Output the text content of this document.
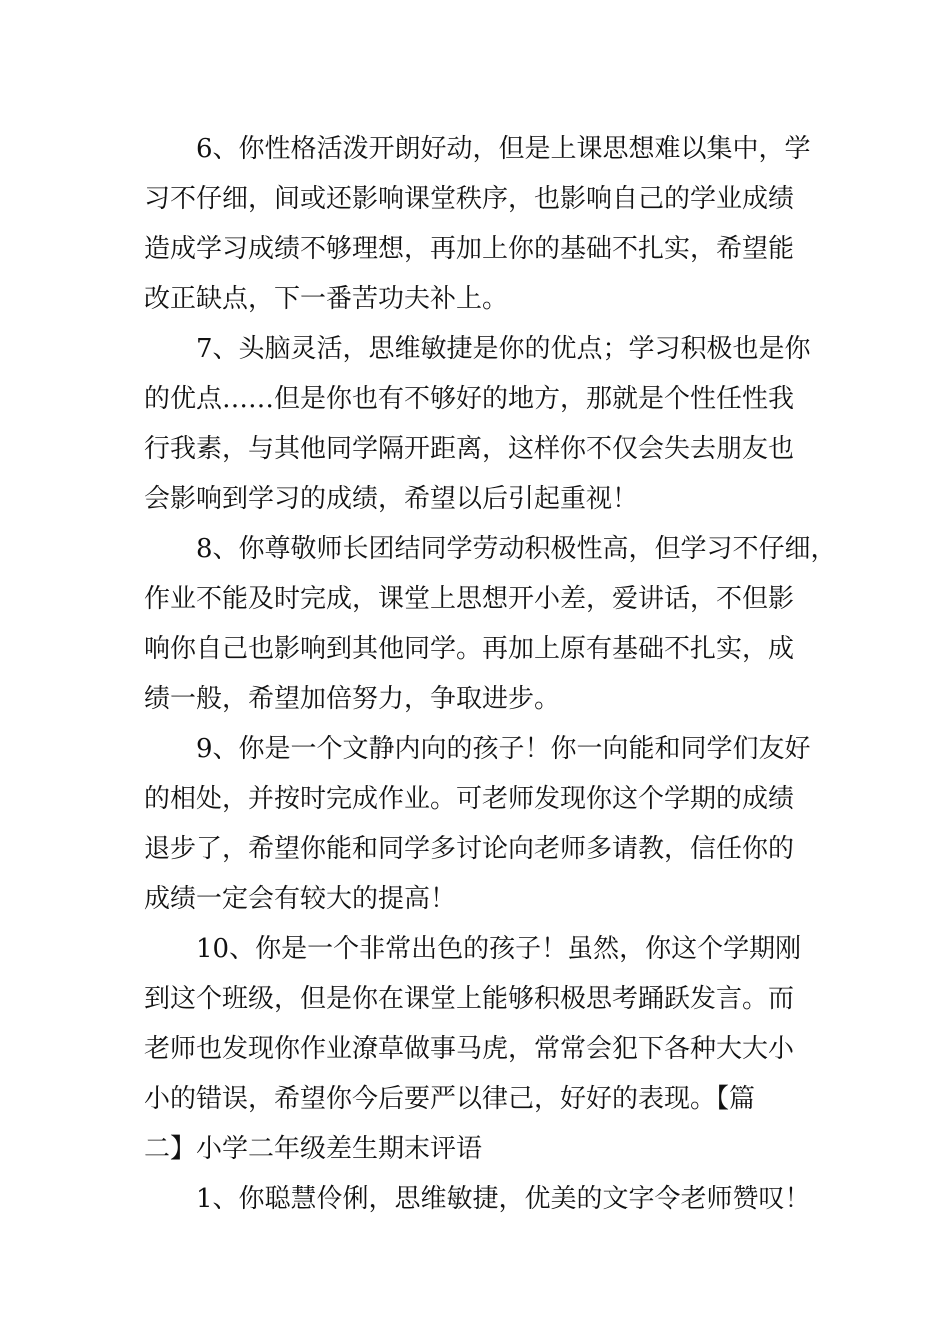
6、你性格活泼开朗好动，但是上课思想难以集中，学
习不仔细，间或还影响课堂秩序，也影响自己的学业成绩
造成学习成绩不够理想，再加上你的基础不扎实，希望能
改正缺点，下一番苦功夫补上。
7、头脑灵活，思维敏捷是你的优点；学习积极也是你
的优点……但是你也有不够好的地方，那就是个性任性我
行我素，与其他同学隔开距离，这样你不仅会失去朋友也
会影响到学习的成绩，希望以后引起重视！
8、你尊敬师长团结同学劳动积极性高，但学习不仔细，
作业不能及时完成，课堂上思想开小差，爱讲话，不但影
响你自己也影响到其他同学。再加上原有基础不扎实，成
绩一般，希望加倍努力，争取进步。
9、你是一个文静内向的孩子！你一向能和同学们友好
的相处，并按时完成作业。可老师发现你这个学期的成绩
退步了，希望你能和同学多讨论向老师多请教，信任你的
成绩一定会有较大的提高！
10、你是一个非常出色的孩子！虽然，你这个学期刚
到这个班级，但是你在课堂上能够积极思考踊跃发言。而
老师也发现你作业潦草做事马虎，常常会犯下各种大大小
小的错误，希望你今后要严以律己，好好的表现。【篇
二】小学二年级差生期末评语
1、你聪慧伶俐，思维敏捷，优美的文字令老师赞叹！
